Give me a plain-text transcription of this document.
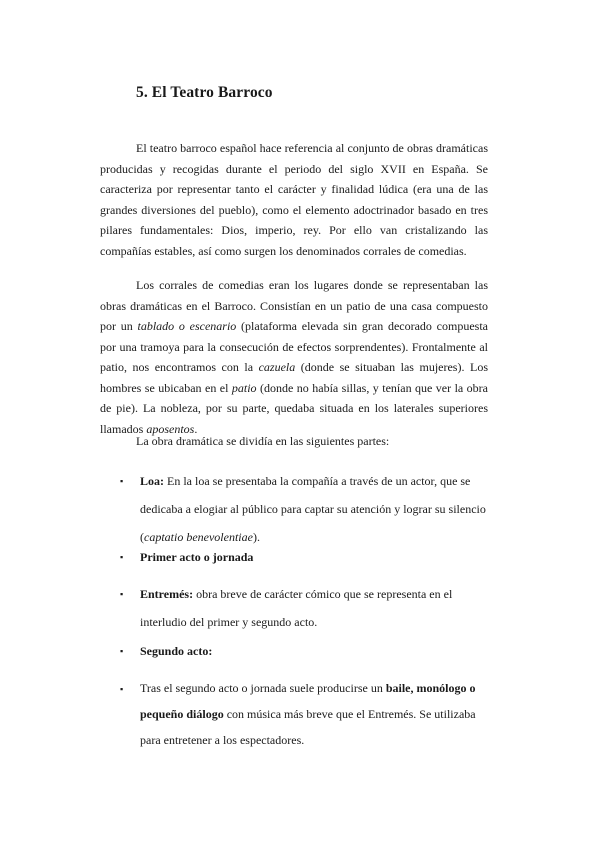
5. El Teatro Barroco

El teatro barroco español hace referencia al conjunto de obras dramáticas producidas y recogidas durante el periodo del siglo XVII en España. Se caracteriza por representar tanto el carácter y finalidad lúdica (era una de las grandes diversiones del pueblo), como el elemento adoctrinador basado en tres pilares fundamentales: Dios, imperio, rey. Por ello van cristalizando las compañías estables, así como surgen los denominados corrales de comedias.

Los corrales de comedias eran los lugares donde se representaban las obras dramáticas en el Barroco. Consistían en un patio de una casa compuesto por un tablado o escenario (plataforma elevada sin gran decorado compuesta por una tramoya para la consecución de efectos sorprendentes). Frontalmente al patio, nos encontramos con la cazuela (donde se situaban las mujeres). Los hombres se ubicaban en el patio (donde no había sillas, y tenían que ver la obra de pie). La nobleza, por su parte, quedaba situada en los laterales superiores llamados aposentos.

La obra dramática se dividía en las siguientes partes:

▪	Loa: En la loa se presentaba la compañía a través de un actor, que se dedicaba a elogiar al público para captar su atención y lograr su silencio (captatio benevolentiae).

▪	Primer acto o jornada

▪	Entremés: obra breve de carácter cómico que se representa en el interludio del primer y segundo acto.

▪	Segundo acto:

▪	Tras el segundo acto o jornada suele producirse un baile, monólogo o pequeño diálogo con música más breve que el Entremés. Se utilizaba para entretener a los espectadores.
